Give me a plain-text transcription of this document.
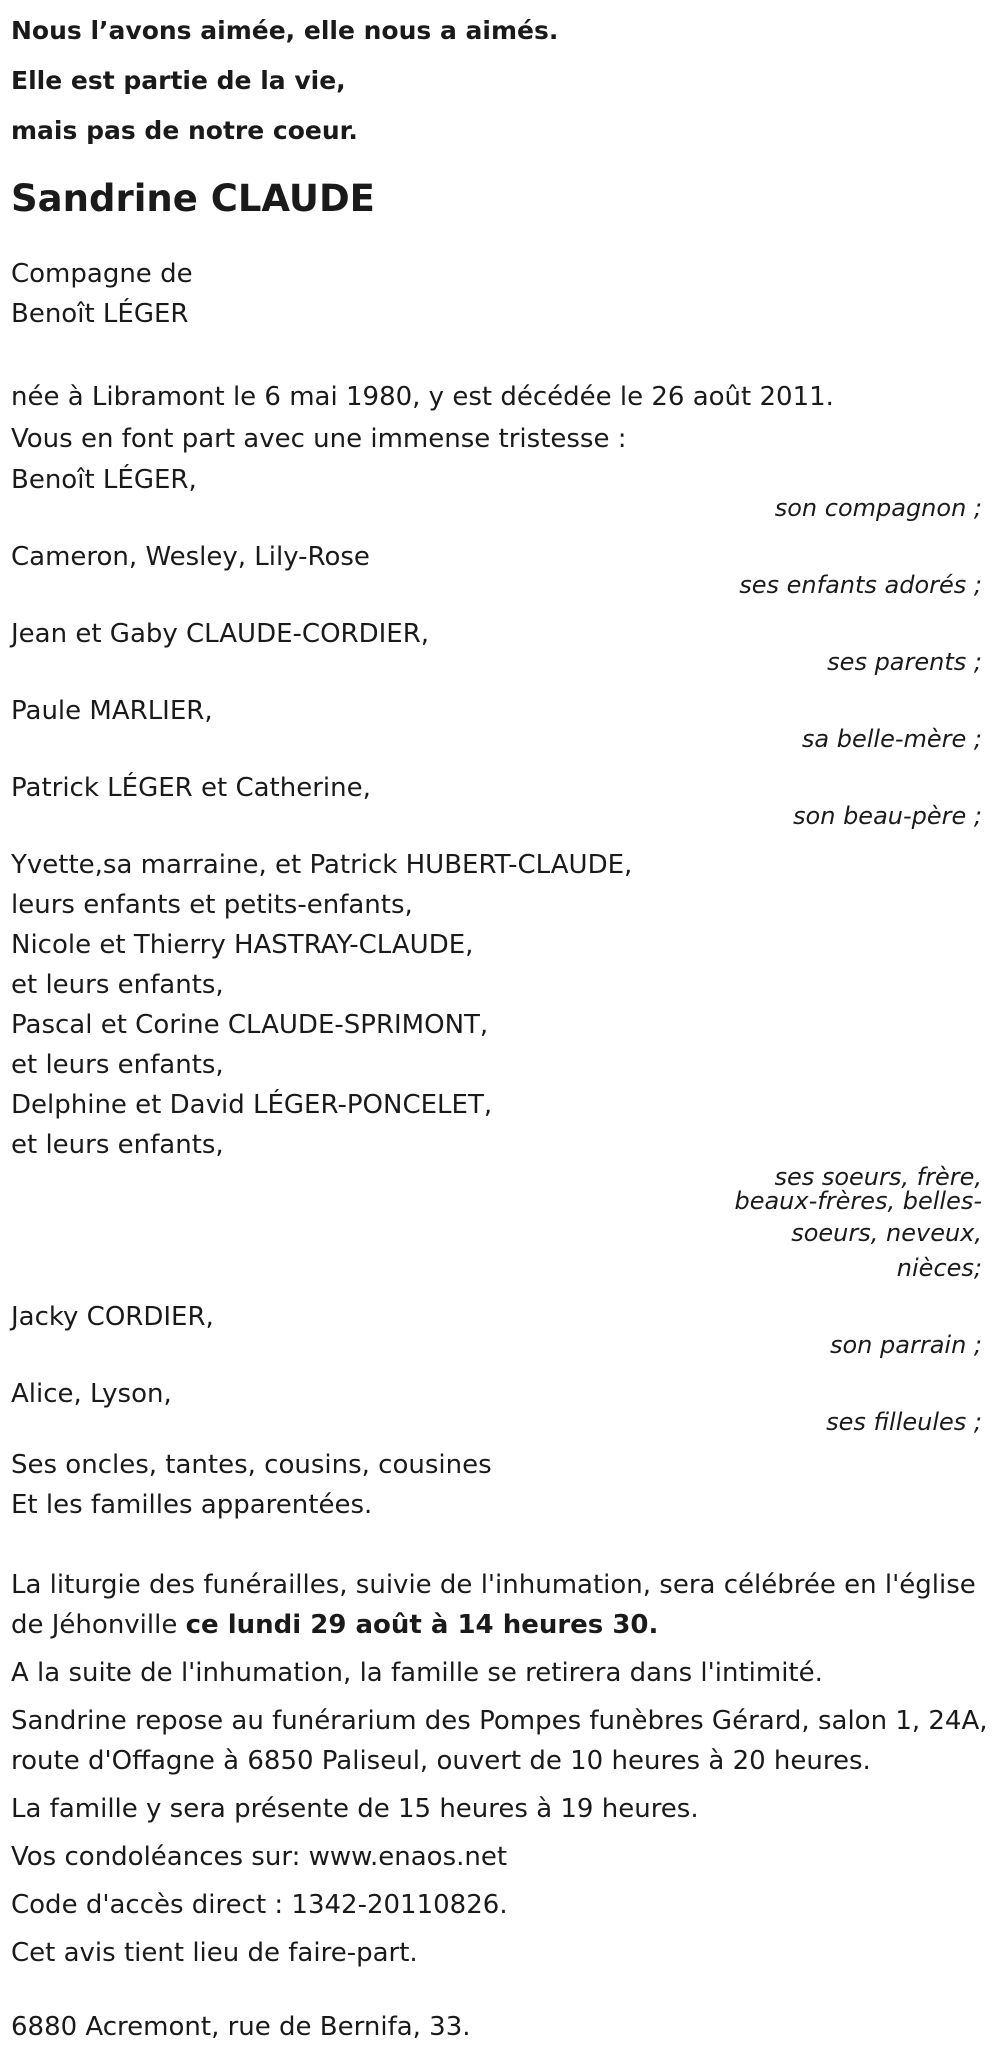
Nous l’avons aimée, elle nous a aimés.

Elle est partie de la vie,

mais pas de notre coeur.

Sandrine CLAUDE

Compagne de

Benoît LÉGER

née à Libramont le 6 mai 1980, y est décédée le 26 août 2011.

Vous en font part avec une immense tristesse :

Benoît LÉGER,
son compagnon ;
Cameron, Wesley, Lily-Rose
ses enfants adorés ;
Jean et Gaby CLAUDE-CORDIER,
ses parents ;
Paule MARLIER,
sa belle-mère ;
Patrick LÉGER et Catherine,
son beau-père ;
Yvette,sa marraine, et Patrick HUBERT-CLAUDE,
leurs enfants et petits-enfants,
Nicole et Thierry HASTRAY-CLAUDE,
et leurs enfants,
Pascal et Corine CLAUDE-SPRIMONT,
et leurs enfants,
Delphine et David LÉGER-PONCELET,
et leurs enfants,
ses soeurs, frère,
beaux-frères, belles-
soeurs, neveux,
nièces;
Jacky CORDIER,
son parrain ;
Alice, Lyson,
ses filleules ;

Ses oncles, tantes, cousins, cousines

Et les familles apparentées.

La liturgie des funérailles, suivie de l'inhumation, sera célébrée en l'église de Jéhonville ce lundi 29 août à 14 heures 30.

A la suite de l'inhumation, la famille se retirera dans l'intimité.

Sandrine repose au funérarium des Pompes funèbres Gérard, salon 1, 24A, route d'Offagne à 6850 Paliseul, ouvert de 10 heures à 20 heures.

La famille y sera présente de 15 heures à 19 heures.

Vos condoléances sur: www.enaos.net

Code d'accès direct : 1342-20110826.

Cet avis tient lieu de faire-part.

6880 Acremont, rue de Bernifa, 33.
